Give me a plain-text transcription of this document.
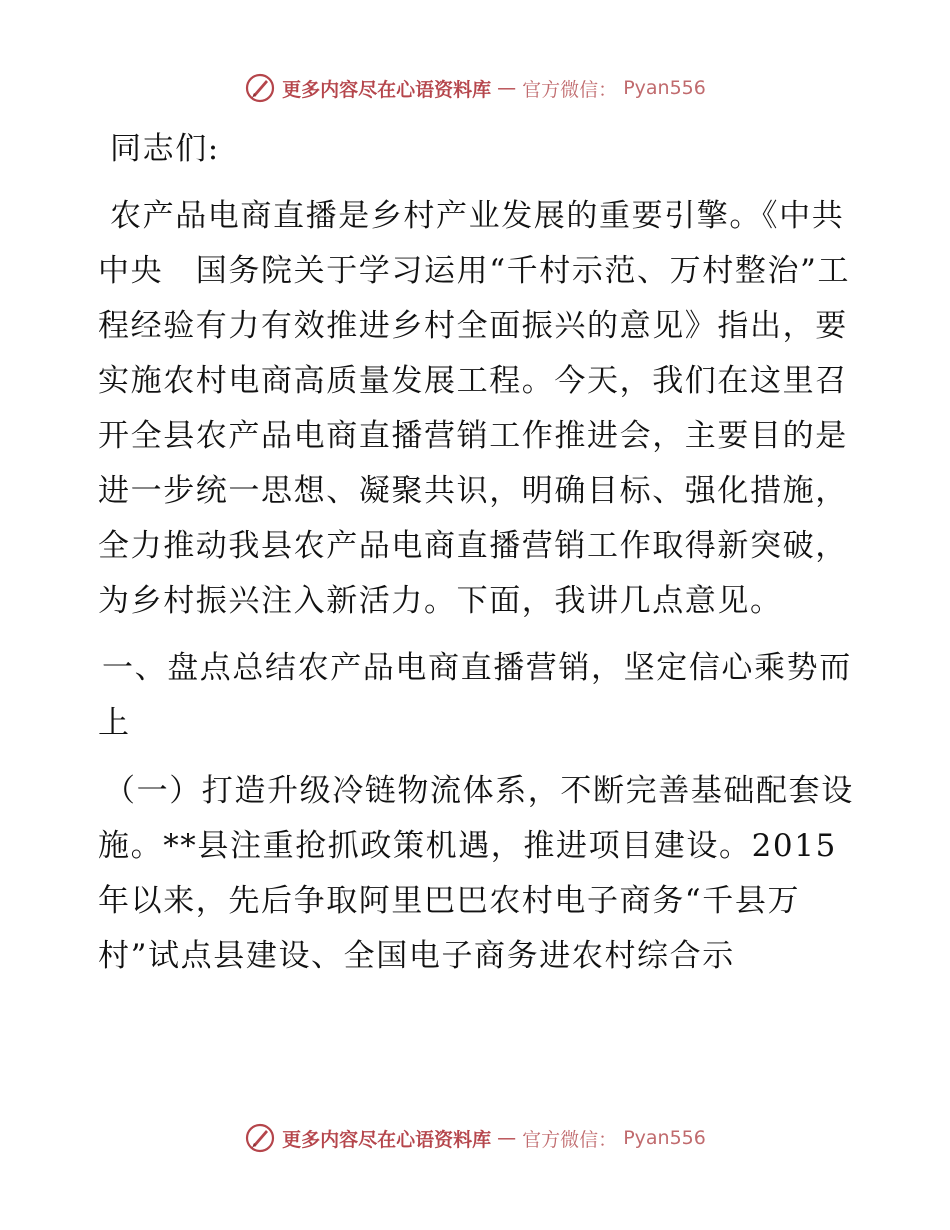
更多内容尽在心语资料库 — 官方微信： Pyan556

同志们:

农产品电商直播是乡村产业发展的重要引擎。《中共中央　国务院关于学习运用“千村示范、万村整治”工程经验有力有效推进乡村全面振兴的意见》指出，要实施农村电商高质量发展工程。今天，我们在这里召开全县农产品电商直播营销工作推进会，主要目的是进一步统一思想、凝聚共识，明确目标、强化措施，全力推动我县农产品电商直播营销工作取得新突破，为乡村振兴注入新活力。下面，我讲几点意见。

一、盘点总结农产品电商直播营销，坚定信心乘势而上

（一）打造升级冷链物流体系，不断完善基础配套设施。**县注重抢抓政策机遇，推进项目建设。2015 年以来，先后争取阿里巴巴农村电子商务“千县万村”试点县建设、全国电子商务进农村综合示

更多内容尽在心语资料库 — 官方微信： Pyan556
